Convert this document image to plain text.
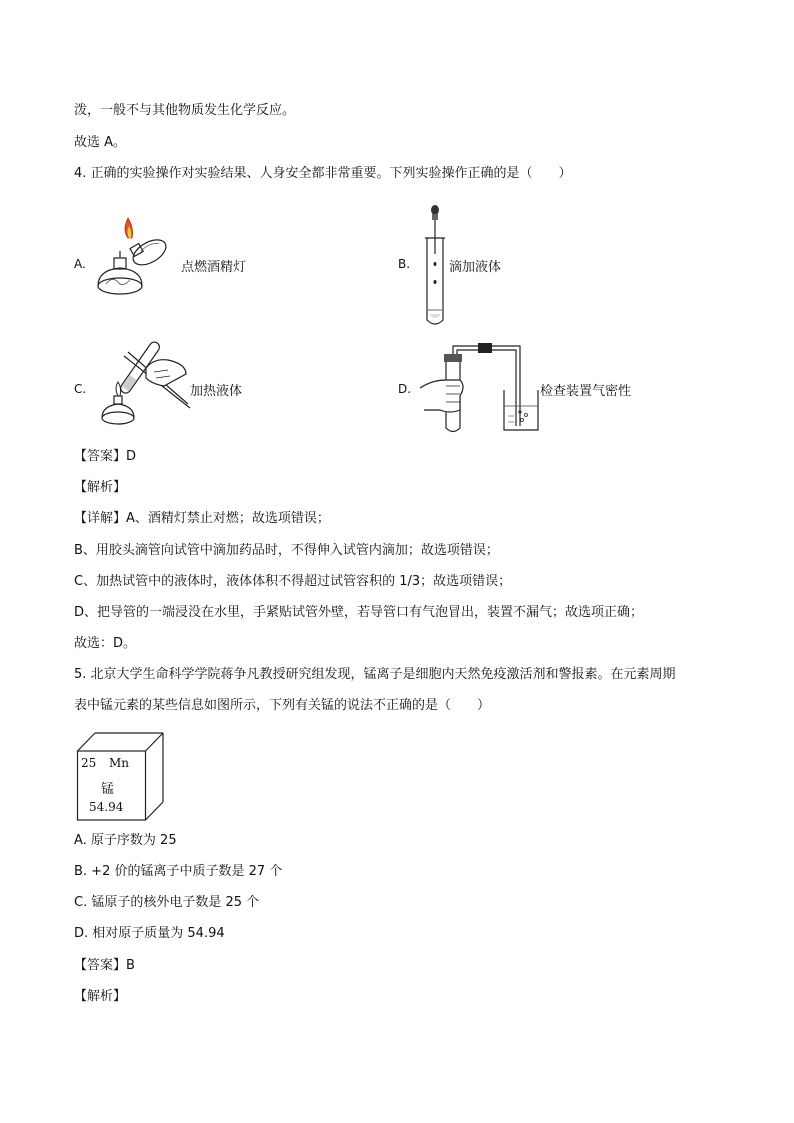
泼，一般不与其他物质发生化学反应。
故选 A。
4. 正确的实验操作对实验结果、人身安全都非常重要。下列实验操作正确的是（　　）
A.	点燃酒精灯	B.	滴加液体
C.	加热液体	D.	检查装置气密性
【答案】D
【解析】
【详解】A、酒精灯禁止对燃；故选项错误；
B、用胶头滴管向试管中滴加药品时，不得伸入试管内滴加；故选项错误；
C、加热试管中的液体时，液体体积不得超过试管容积的 1/3；故选项错误；
D、把导管的一端浸没在水里，手紧贴试管外壁，若导管口有气泡冒出，装置不漏气；故选项正确；
故选：D。
5. 北京大学生命科学学院蒋争凡教授研究组发现，锰离子是细胞内天然免疫激活剂和警报素。在元素周期
表中锰元素的某些信息如图所示，下列有关锰的说法不正确的是（　　）
25 Mn
锰
54.94
A. 原子序数为 25
B. +2 价的锰离子中质子数是 27 个
C. 锰原子的核外电子数是 25 个
D. 相对原子质量为 54.94
【答案】B
【解析】
